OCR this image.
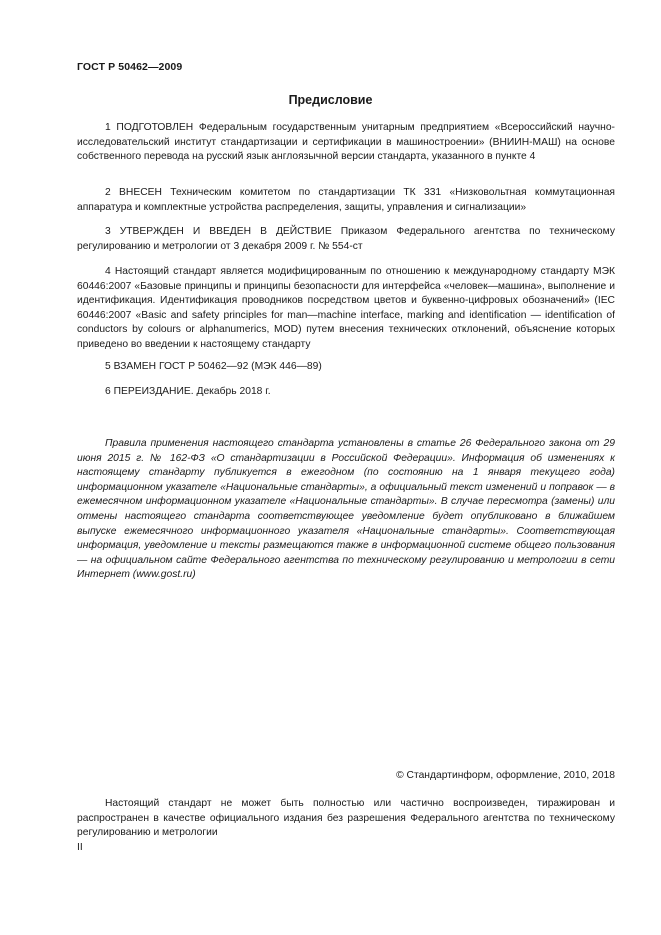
ГОСТ Р 50462—2009
Предисловие

1 ПОДГОТОВЛЕН Федеральным государственным унитарным предприятием «Всероссийский научно-исследовательский институт стандартизации и сертификации в машиностроении» (ВНИИН-МАШ) на основе собственного перевода на русский язык англоязычной версии стандарта, указанного в пункте 4

2 ВНЕСЕН Техническим комитетом по стандартизации ТК 331 «Низковольтная коммутационная аппаратура и комплектные устройства распределения, защиты, управления и сигнализации»

3 УТВЕРЖДЕН И ВВЕДЕН В ДЕЙСТВИЕ Приказом Федерального агентства по техническому регулированию и метрологии от 3 декабря 2009 г. № 554-ст

4 Настоящий стандарт является модифицированным по отношению к международному стандарту МЭК 60446:2007 «Базовые принципы и принципы безопасности для интерфейса «человек—машина», выполнение и идентификация. Идентификация проводников посредством цветов и буквенно-цифровых обозначений» (IEC 60446:2007 «Basic and safety principles for man—machine interface, marking and identification — identification of conductors by colours or alphanumerics, MOD) путем внесения технических отклонений, объяснение которых приведено во введении к настоящему стандарту

5 ВЗАМЕН ГОСТ Р 50462—92 (МЭК 446—89)

6 ПЕРЕИЗДАНИЕ. Декабрь 2018 г.

Правила применения настоящего стандарта установлены в статье 26 Федерального закона от 29 июня 2015 г. № 162-ФЗ «О стандартизации в Российской Федерации». Информация об изменениях к настоящему стандарту публикуется в ежегодном (по состоянию на 1 января текущего года) информационном указателе «Национальные стандарты», а официальный текст изменений и поправок — в ежемесячном информационном указателе «Национальные стандарты». В случае пересмотра (замены) или отмены настоящего стандарта соответствующее уведомление будет опубликовано в ближайшем выпуске ежемесячного информационного указателя «Национальные стандарты». Соответствующая информация, уведомление и тексты размещаются также в информационной системе общего пользования — на официальном сайте Федерального агентства по техническому регулированию и метрологии в сети Интернет (www.gost.ru)

© Стандартинформ, оформление, 2010, 2018

Настоящий стандарт не может быть полностью или частично воспроизведен, тиражирован и распространен в качестве официального издания без разрешения Федерального агентства по техническому регулированию и метрологии

II
